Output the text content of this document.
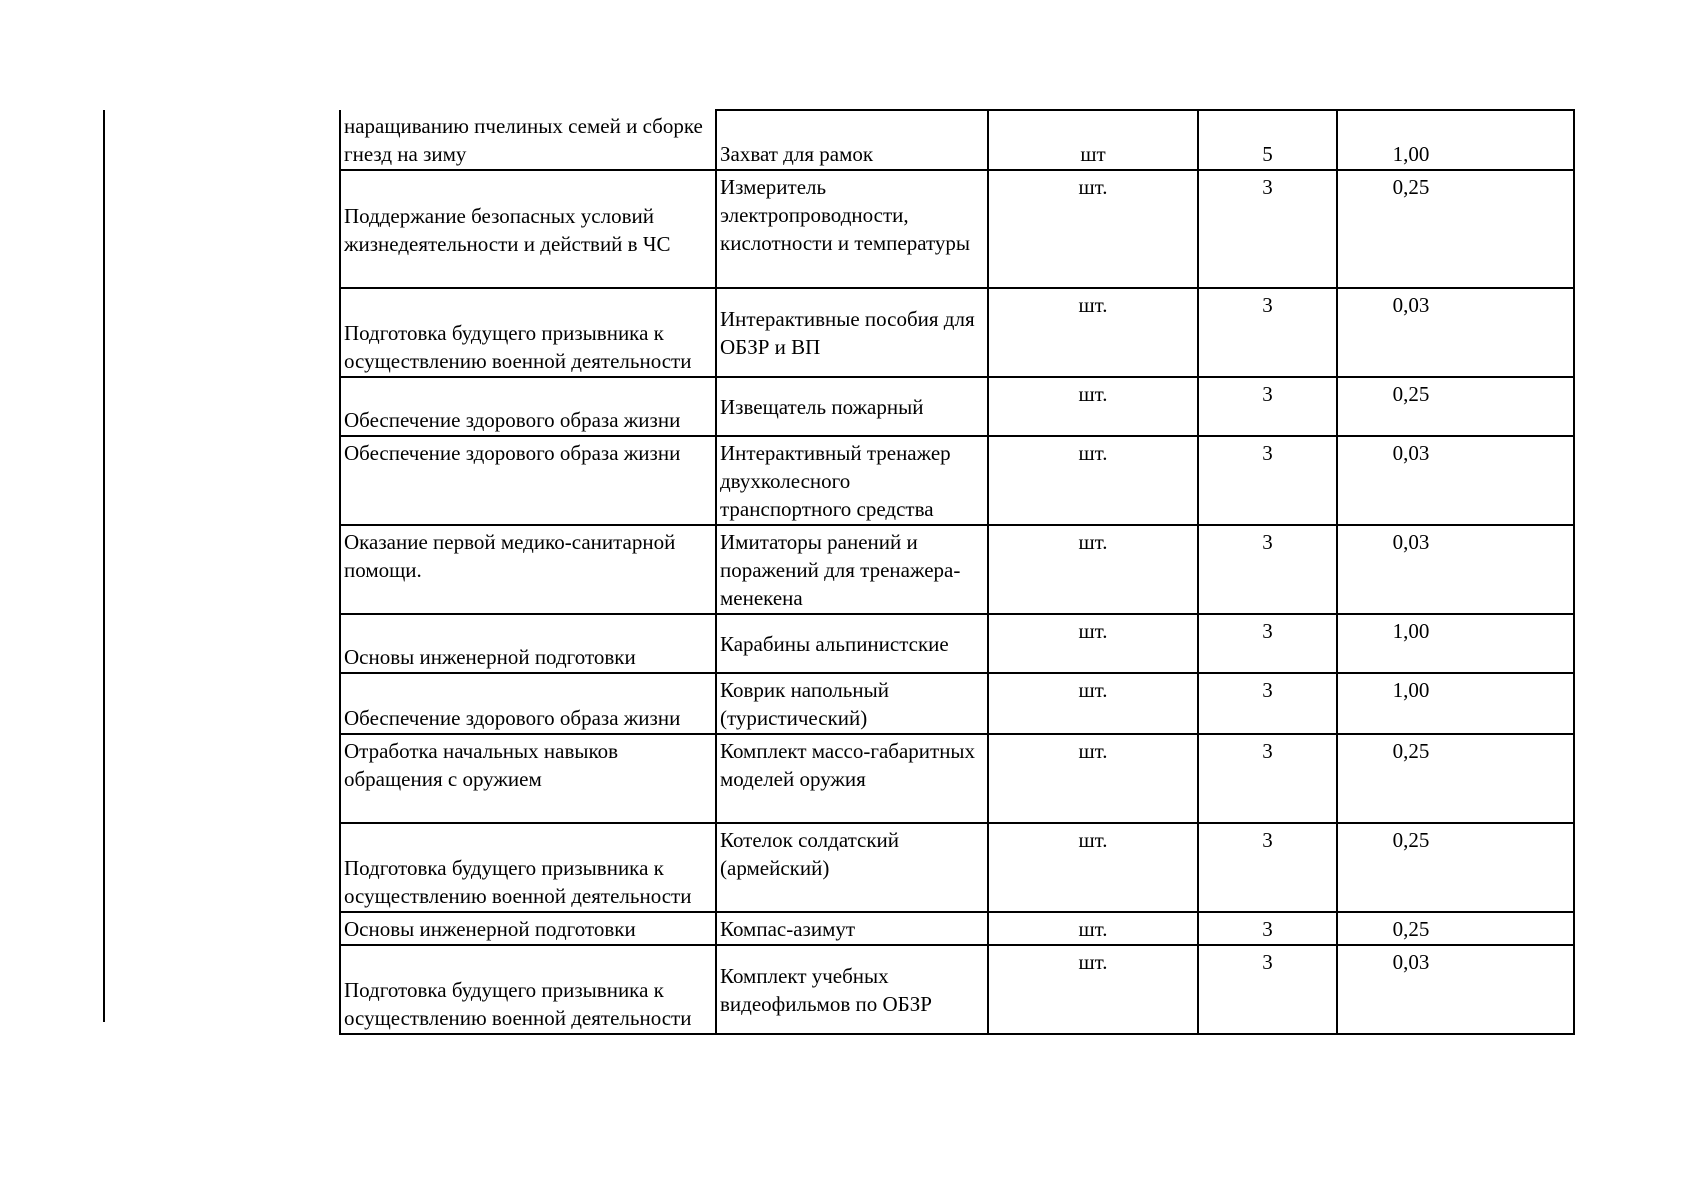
наращиванию пчелиных семей и сборке гнезд на зиму	Захват для рамок	шт	5	1,00

Поддержание безопасных условий жизнедеятельности и действий в ЧС	Измеритель электропроводности, кислотности и температуры	шт.	3	0,25

Подготовка будущего призывника к осуществлению военной деятельности	Интерактивные пособия для ОБЗР и ВП	шт.	3	0,03

Обеспечение здорового образа жизни	Извещатель пожарный	шт.	3	0,25

Обеспечение здорового образа жизни	Интерактивный тренажер двухколесного транспортного средства	шт.	3	0,03

Оказание первой медико-санитарной помощи.	Имитаторы ранений и поражений для тренажера-менекена	шт.	3	0,03

Основы инженерной подготовки	Карабины альпинистские	шт.	3	1,00

Обеспечение здорового образа жизни	Коврик напольный (туристический)	шт.	3	1,00

Отработка начальных навыков обращения с оружием	Комплект массо-габаритных моделей оружия	шт.	3	0,25

Подготовка будущего призывника к осуществлению военной деятельности	Котелок солдатский (армейский)	шт.	3	0,25

Основы инженерной подготовки	Компас-азимут	шт.	3	0,25

Подготовка будущего призывника к осуществлению военной деятельности	Комплект учебных видеофильмов по ОБЗР	шт.	3	0,03
